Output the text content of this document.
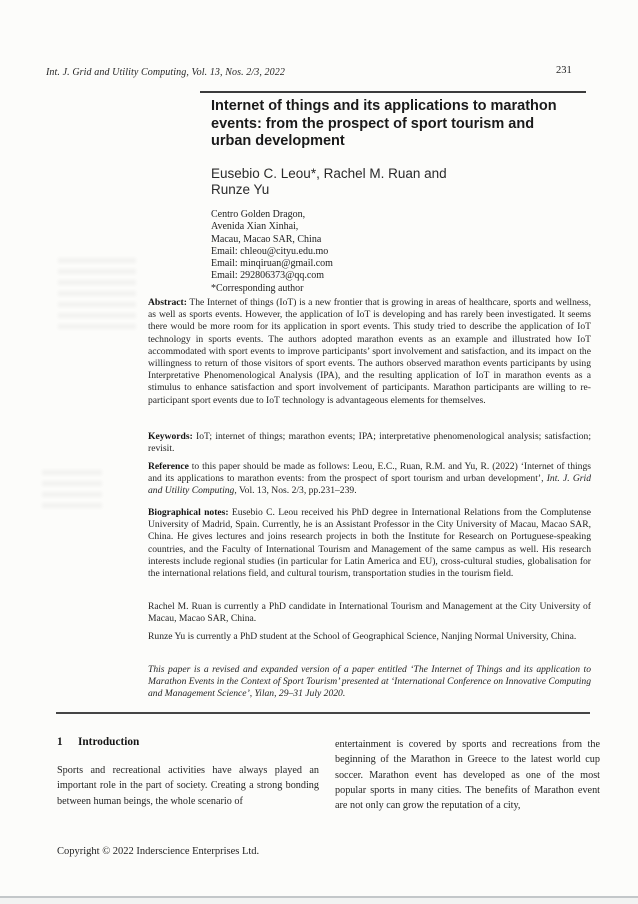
Int. J. Grid and Utility Computing, Vol. 13, Nos. 2/3, 2022	231
Internet of things and its applications to marathon
events: from the prospect of sport tourism and
urban development
Eusebio C. Leou*, Rachel M. Ruan and
Runze Yu
Centro Golden Dragon,
Avenida Xian Xinhai,
Macau, Macao SAR, China
Email: chleou@cityu.edu.mo
Email: minqiruan@gmail.com
Email: 292806373@qq.com
*Corresponding author
Abstract: The Internet of things (IoT) is a new frontier that is growing in areas of healthcare, sports and wellness, as well as sports events. However, the application of IoT is developing and has rarely been investigated. It seems there would be more room for its application in sport events. This study tried to describe the application of IoT technology in sports events. The authors adopted marathon events as an example and illustrated how IoT accommodated with sport events to improve participants’ sport involvement and satisfaction, and its impact on the willingness to return of those visitors of sport events. The authors observed marathon events participants by using Interpretative Phenomenological Analysis (IPA), and the resulting application of IoT in marathon events as a stimulus to enhance satisfaction and sport involvement of participants. Marathon participants are willing to re-participant sport events due to IoT technology is advantageous elements for themselves.
Keywords: IoT; internet of things; marathon events; IPA; interpretative phenomenological analysis; satisfaction; revisit.
Reference to this paper should be made as follows: Leou, E.C., Ruan, R.M. and Yu, R. (2022) ‘Internet of things and its applications to marathon events: from the prospect of sport tourism and urban development’, Int. J. Grid and Utility Computing, Vol. 13, Nos. 2/3, pp.231–239.
Biographical notes: Eusebio C. Leou received his PhD degree in International Relations from the Complutense University of Madrid, Spain. Currently, he is an Assistant Professor in the City University of Macau, Macao SAR, China. He gives lectures and joins research projects in both the Institute for Research on Portuguese-speaking countries, and the Faculty of International Tourism and Management of the same campus as well. His research interests include regional studies (in particular for Latin America and EU), cross-cultural studies, globalisation for the international relations field, and cultural tourism, transportation studies in the tourism field.
Rachel M. Ruan is currently a PhD candidate in International Tourism and Management at the City University of Macau, Macao SAR, China.
Runze Yu is currently a PhD student at the School of Geographical Science, Nanjing Normal University, China.
This paper is a revised and expanded version of a paper entitled ‘The Internet of Things and its application to Marathon Events in the Context of Sport Tourism’ presented at ‘International Conference on Innovative Computing and Management Science’, Yilan, 29–31 July 2020.
1 Introduction
Sports and recreational activities have always played an important role in the part of society. Creating a strong bonding between human beings, the whole scenario of
entertainment is covered by sports and recreations from the beginning of the Marathon in Greece to the latest world cup soccer. Marathon event has developed as one of the most popular sports in many cities. The benefits of Marathon event are not only can grow the reputation of a city,
Copyright © 2022 Inderscience Enterprises Ltd.
